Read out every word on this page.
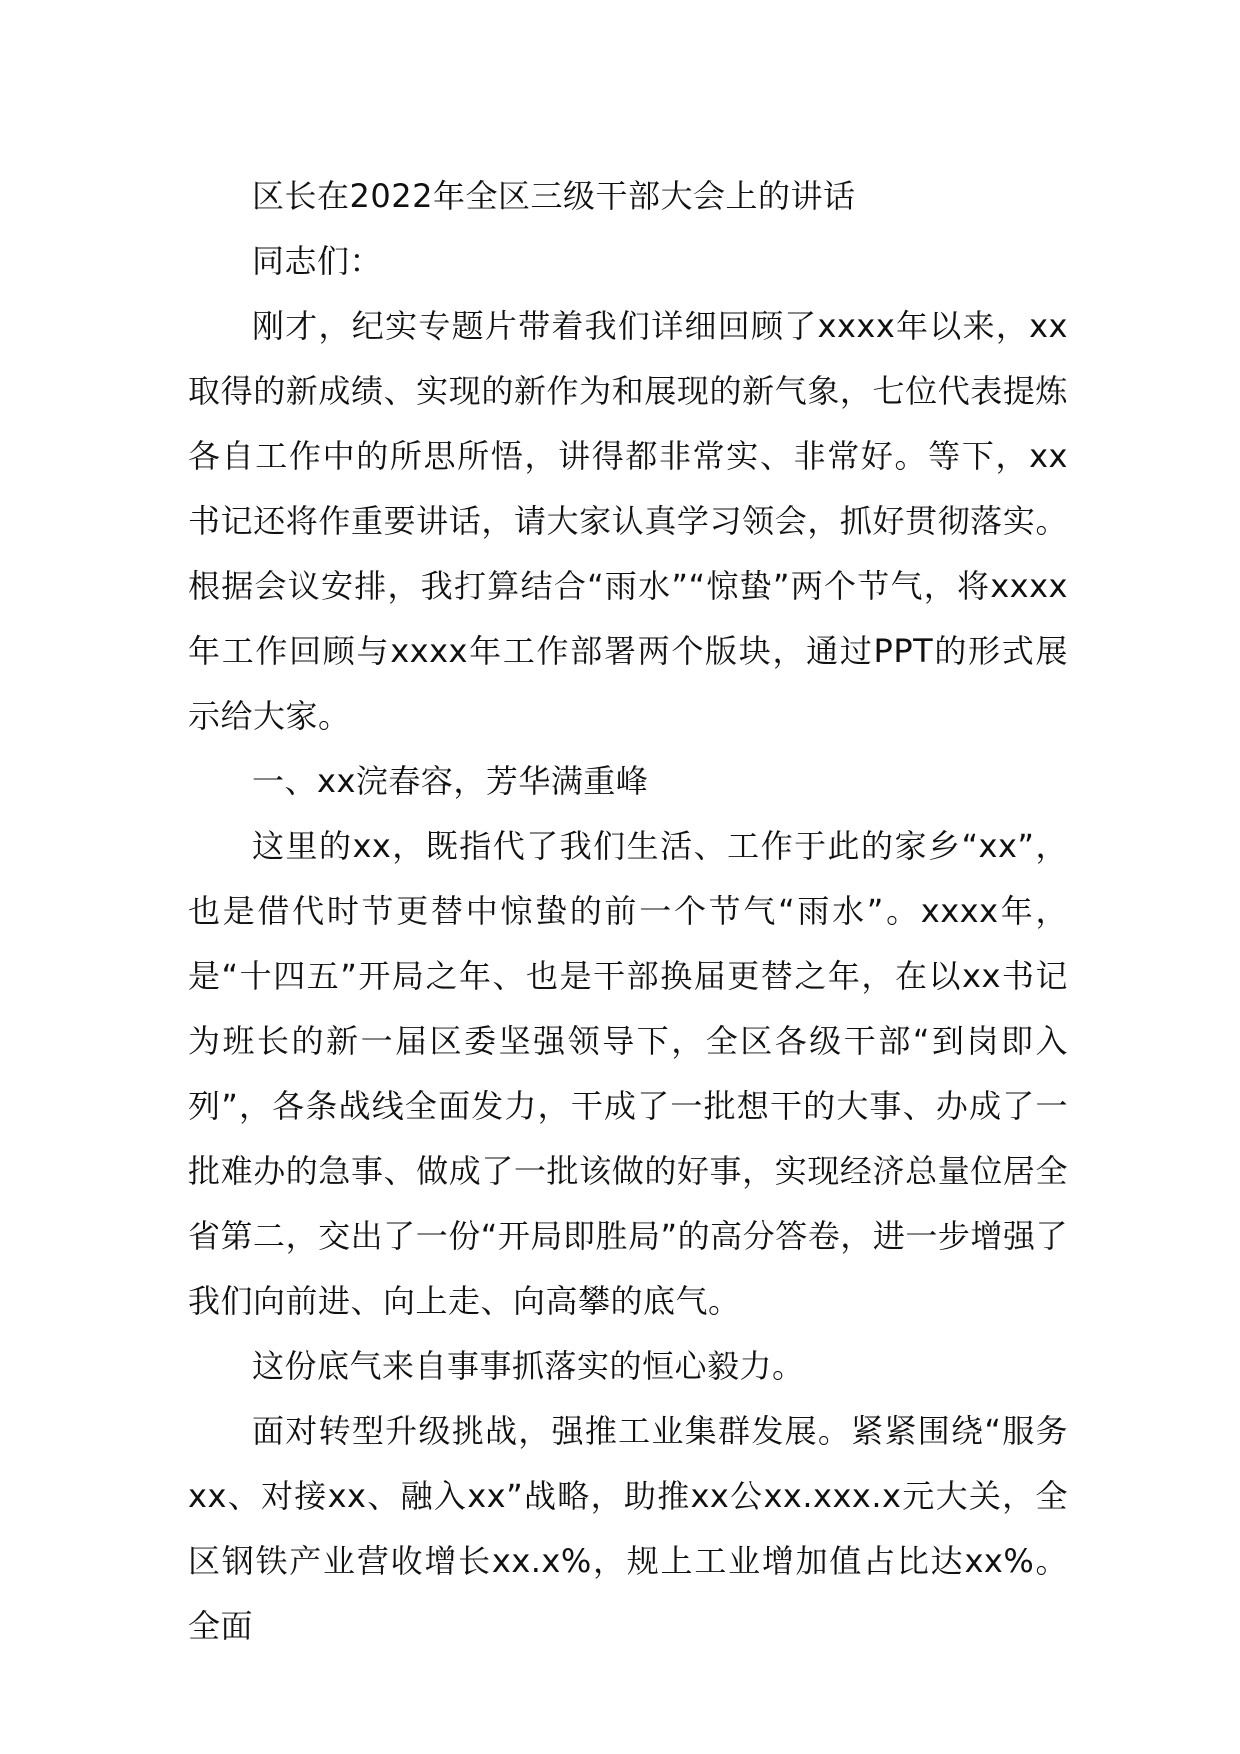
区长在2022年全区三级干部大会上的讲话

同志们：

刚才，纪实专题片带着我们详细回顾了xxxx年以来，xx取得的新成绩、实现的新作为和展现的新气象，七位代表提炼各自工作中的所思所悟，讲得都非常实、非常好。等下，xx书记还将作重要讲话，请大家认真学习领会，抓好贯彻落实。根据会议安排，我打算结合“雨水”“惊蛰”两个节气，将xxxx年工作回顾与xxxx年工作部署两个版块，通过PPT的形式展示给大家。

一、xx浣春容，芳华满重峰

这里的xx，既指代了我们生活、工作于此的家乡“xx”，也是借代时节更替中惊蛰的前一个节气“雨水”。xxxx年，是“十四五”开局之年、也是干部换届更替之年，在以xx书记为班长的新一届区委坚强领导下，全区各级干部“到岗即入列”，各条战线全面发力，干成了一批想干的大事、办成了一批难办的急事、做成了一批该做的好事，实现经济总量位居全省第二，交出了一份“开局即胜局”的高分答卷，进一步增强了我们向前进、向上走、向高攀的底气。

这份底气来自事事抓落实的恒心毅力。

面对转型升级挑战，强推工业集群发展。紧紧围绕“服务xx、对接xx、融入xx”战略，助推xx公xx.xxx.x元大关，全区钢铁产业营收增长xx.x%，规上工业增加值占比达xx%。全面
